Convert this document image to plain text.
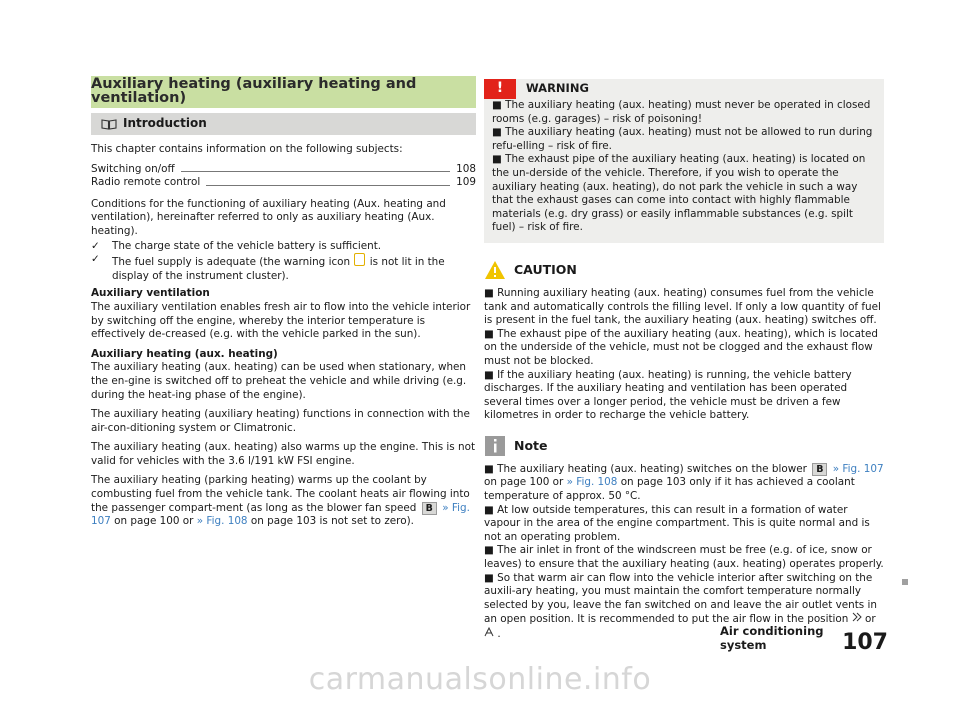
Auxiliary heating (auxiliary heating and ventilation)
Introduction

This chapter contains information on the following subjects:

Switching on/off	108
Radio remote control	109

Conditions for the functioning of auxiliary heating (Aux. heating and ventilation), hereinafter referred to only as auxiliary heating (Aux. heating).

✓	The charge state of the vehicle battery is sufficient.
✓	The fuel supply is adequate (the warning icon is not lit in the display of the instrument cluster).
Auxiliary ventilation

The auxiliary ventilation enables fresh air to flow into the vehicle interior by switching off the engine, whereby the interior temperature is effectively de-creased (e.g. with the vehicle parked in the sun).

Auxiliary heating (aux. heating)

The auxiliary heating (aux. heating) can be used when stationary, when the en-gine is switched off to preheat the vehicle and while driving (e.g. during the heat-ing phase of the engine).

The auxiliary heating (auxiliary heating) functions in connection with the air-con-ditioning system or Climatronic.

The auxiliary heating (aux. heating) also warms up the engine. This is not valid for vehicles with the 3.6 l/191 kW FSI engine.

The auxiliary heating (parking heating) warms up the coolant by combusting fuel from the vehicle tank. The coolant heats air flowing into the passenger compart-ment (as long as the blower fan speed B » Fig. 107 on page 100 or » Fig. 108 on page 103 is not set to zero).

!	WARNING
■ The auxiliary heating (aux. heating) must never be operated in closed rooms (e.g. garages) – risk of poisoning!
■ The auxiliary heating (aux. heating) must not be allowed to run during refu-elling – risk of fire.
■ The exhaust pipe of the auxiliary heating (aux. heating) is located on the un-derside of the vehicle. Therefore, if you wish to operate the auxiliary heating (aux. heating), do not park the vehicle in such a way that the exhaust gases can come into contact with highly flammable materials (e.g. dry grass) or easily inflammable substances (e.g. spilt fuel) – risk of fire.
CAUTION
■ Running auxiliary heating (aux. heating) consumes fuel from the vehicle tank and automatically controls the filling level. If only a low quantity of fuel is present in the fuel tank, the auxiliary heating (aux. heating) switches off.
■ The exhaust pipe of the auxiliary heating (aux. heating), which is located on the underside of the vehicle, must not be clogged and the exhaust flow must not be blocked.
■ If the auxiliary heating (aux. heating) is running, the vehicle battery discharges. If the auxiliary heating and ventilation has been operated several times over a longer period, the vehicle must be driven a few kilometres in order to recharge the vehicle battery.
Note
■ The auxiliary heating (aux. heating) switches on the blower B » Fig. 107 on page 100 or » Fig. 108 on page 103 only if it has achieved a coolant temperature of approx. 50 °C.
■ At low outside temperatures, this can result in a formation of water vapour in the area of the engine compartment. This is quite normal and is not an operating problem.
■ The air inlet in front of the windscreen must be free (e.g. of ice, snow or leaves) to ensure that the auxiliary heating (aux. heating) operates properly.
■ So that warm air can flow into the vehicle interior after switching on the auxili-ary heating, you must maintain the comfort temperature normally selected by you, leave the fan switched on and leave the air outlet vents in an open position. It is recommended to put the air flow in the position or  .	Air conditioning system	107
carmanualsonline.info
